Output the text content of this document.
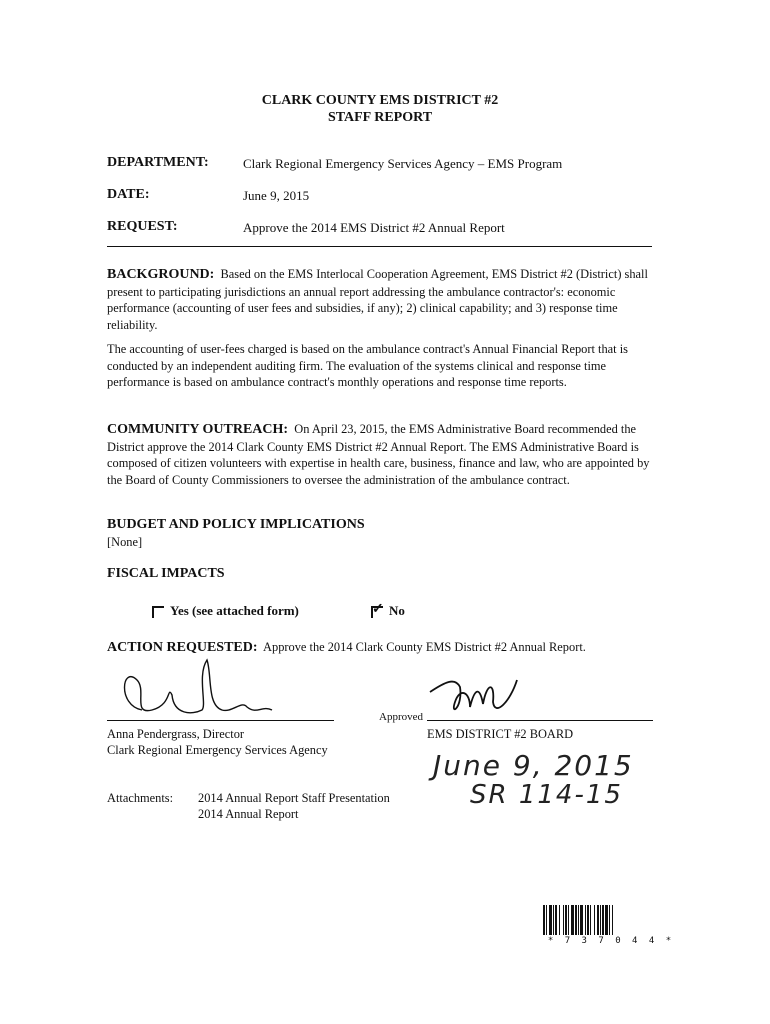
CLARK COUNTY EMS DISTRICT #2
STAFF REPORT
DEPARTMENT:	Clark Regional Emergency Services Agency – EMS Program
DATE:	June 9, 2015
REQUEST:	Approve the 2014 EMS District #2 Annual Report
BACKGROUND: Based on the EMS Interlocal Cooperation Agreement, EMS District #2 (District) shall present to participating jurisdictions an annual report addressing the ambulance contractor's: economic performance (accounting of user fees and subsidies, if any); 2) clinical capability; and 3) response time reliability.
The accounting of user-fees charged is based on the ambulance contract's Annual Financial Report that is conducted by an independent auditing firm. The evaluation of the systems clinical and response time performance is based on ambulance contract's monthly operations and response time reports.
COMMUNITY OUTREACH: On April 23, 2015, the EMS Administrative Board recommended the District approve the 2014 Clark County EMS District #2 Annual Report. The EMS Administrative Board is composed of citizen volunteers with expertise in health care, business, finance and law, who are appointed by the Board of County Commissioners to oversee the administration of the ambulance contract.
BUDGET AND POLICY IMPLICATIONS
[None]
FISCAL IMPACTS
Yes (see attached form)	✓ No
ACTION REQUESTED: Approve the 2014 Clark County EMS District #2 Annual Report.
Anna Pendergrass, Director
Clark Regional Emergency Services Agency
Approved
EMS DISTRICT #2 BOARD
June 9, 2015
SR 114-15
Attachments: 2014 Annual Report Staff Presentation
2014 Annual Report
* 7 3 7 0 4 4 *
